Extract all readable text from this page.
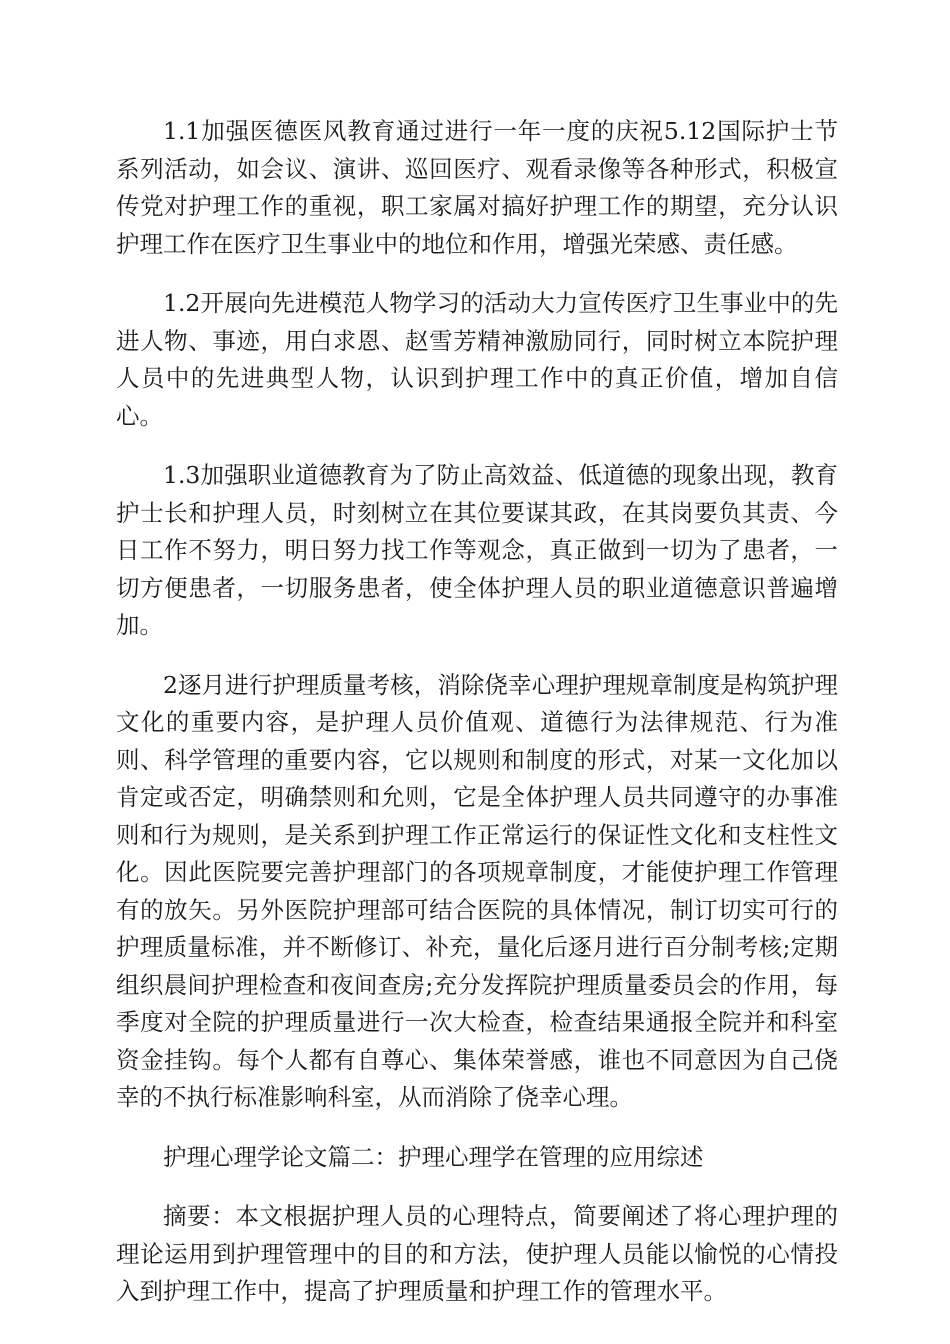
1.1加强医德医风教育通过进行一年一度的庆祝5.12国际护士节系列活动，如会议、演讲、巡回医疗、观看录像等各种形式，积极宣传党对护理工作的重视，职工家属对搞好护理工作的期望，充分认识护理工作在医疗卫生事业中的地位和作用，增强光荣感、责任感。

1.2开展向先进模范人物学习的活动大力宣传医疗卫生事业中的先进人物、事迹，用白求恩、赵雪芳精神激励同行，同时树立本院护理人员中的先进典型人物，认识到护理工作中的真正价值，增加自信心。

1.3加强职业道德教育为了防止高效益、低道德的现象出现，教育护士长和护理人员，时刻树立在其位要谋其政，在其岗要负其责、今日工作不努力，明日努力找工作等观念，真正做到一切为了患者，一切方便患者，一切服务患者，使全体护理人员的职业道德意识普遍增加。

2逐月进行护理质量考核，消除侥幸心理护理规章制度是构筑护理文化的重要内容，是护理人员价值观、道德行为法律规范、行为准则、科学管理的重要内容，它以规则和制度的形式，对某一文化加以肯定或否定，明确禁则和允则，它是全体护理人员共同遵守的办事准则和行为规则，是关系到护理工作正常运行的保证性文化和支柱性文化。因此医院要完善护理部门的各项规章制度，才能使护理工作管理有的放矢。另外医院护理部可结合医院的具体情况，制订切实可行的护理质量标准，并不断修订、补充，量化后逐月进行百分制考核;定期组织晨间护理检查和夜间查房;充分发挥院护理质量委员会的作用，每季度对全院的护理质量进行一次大检查，检查结果通报全院并和科室资金挂钩。每个人都有自尊心、集体荣誉感，谁也不同意因为自己侥幸的不执行标准影响科室，从而消除了侥幸心理。

护理心理学论文篇二：护理心理学在管理的应用综述

摘要：本文根据护理人员的心理特点，简要阐述了将心理护理的理论运用到护理管理中的目的和方法，使护理人员能以愉悦的心情投入到护理工作中，提高了护理质量和护理工作的管理水平。
